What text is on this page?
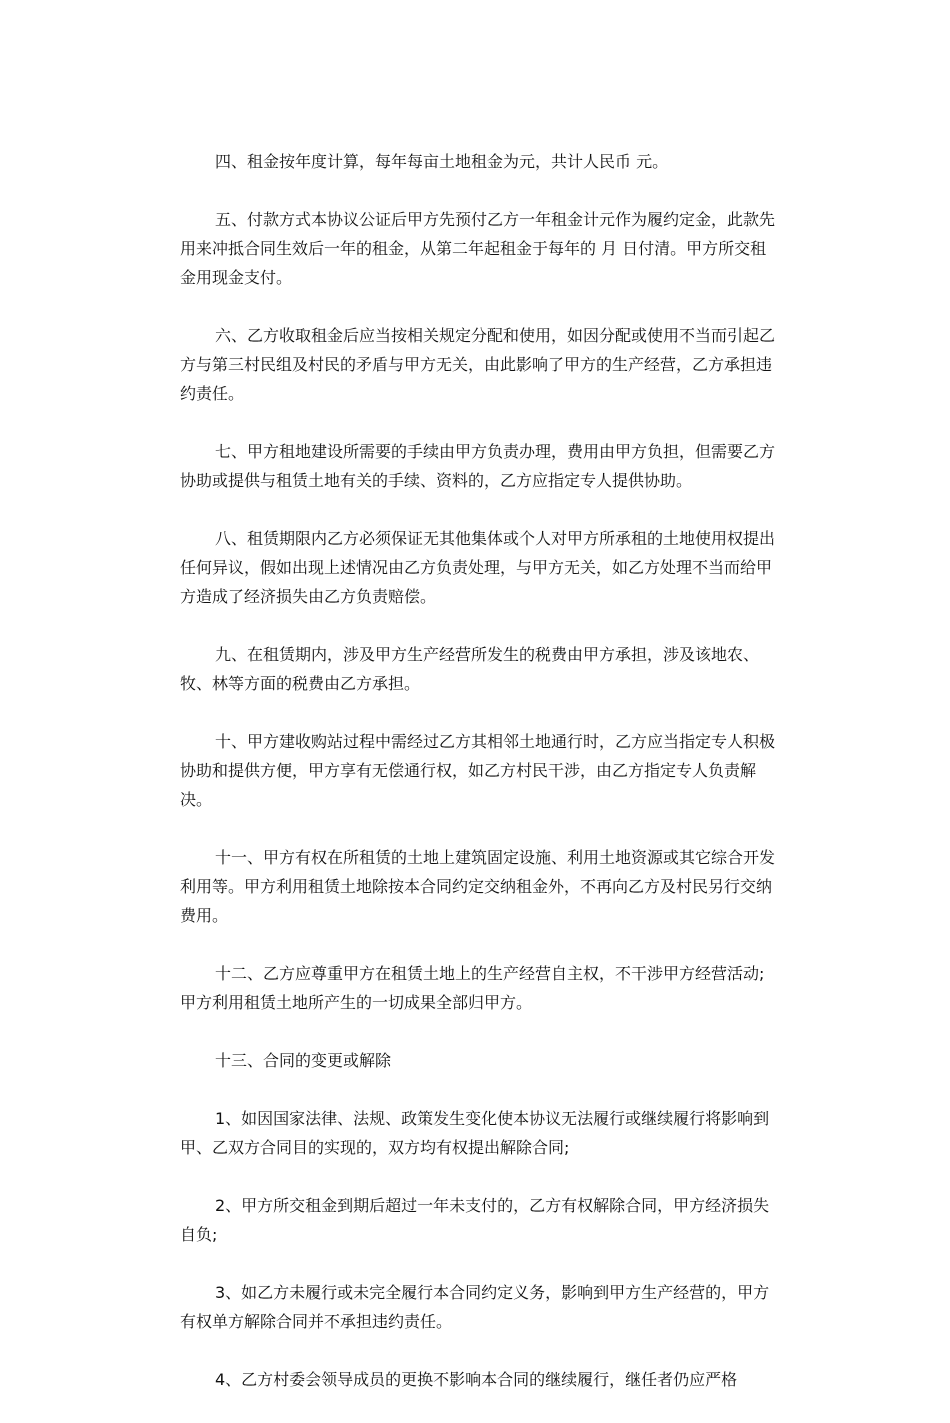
四、租金按年度计算，每年每亩土地租金为元，共计人民币 元。

五、付款方式本协议公证后甲方先预付乙方一年租金计元作为履约定金，此款先用来冲抵合同生效后一年的租金，从第二年起租金于每年的 月 日付清。甲方所交租金用现金支付。

六、乙方收取租金后应当按相关规定分配和使用，如因分配或使用不当而引起乙方与第三村民组及村民的矛盾与甲方无关，由此影响了甲方的生产经营，乙方承担违约责任。

七、甲方租地建设所需要的手续由甲方负责办理，费用由甲方负担，但需要乙方协助或提供与租赁土地有关的手续、资料的，乙方应指定专人提供协助。

八、租赁期限内乙方必须保证无其他集体或个人对甲方所承租的土地使用权提出任何异议，假如出现上述情况由乙方负责处理，与甲方无关，如乙方处理不当而给甲方造成了经济损失由乙方负责赔偿。

九、在租赁期内，涉及甲方生产经营所发生的税费由甲方承担，涉及该地农、牧、林等方面的税费由乙方承担。

十、甲方建收购站过程中需经过乙方其相邻土地通行时，乙方应当指定专人积极协助和提供方便，甲方享有无偿通行权，如乙方村民干涉，由乙方指定专人负责解决。

十一、甲方有权在所租赁的土地上建筑固定设施、利用土地资源或其它综合开发利用等。甲方利用租赁土地除按本合同约定交纳租金外，不再向乙方及村民另行交纳费用。

十二、乙方应尊重甲方在租赁土地上的生产经营自主权，不干涉甲方经营活动;甲方利用租赁土地所产生的一切成果全部归甲方。

十三、合同的变更或解除

1、如因国家法律、法规、政策发生变化使本协议无法履行或继续履行将影响到甲、乙双方合同目的实现的，双方均有权提出解除合同;

2、甲方所交租金到期后超过一年未支付的，乙方有权解除合同，甲方经济损失自负;

3、如乙方未履行或未完全履行本合同约定义务，影响到甲方生产经营的，甲方有权单方解除合同并不承担违约责任。

4、乙方村委会领导成员的更换不影响本合同的继续履行，继任者仍应严格
